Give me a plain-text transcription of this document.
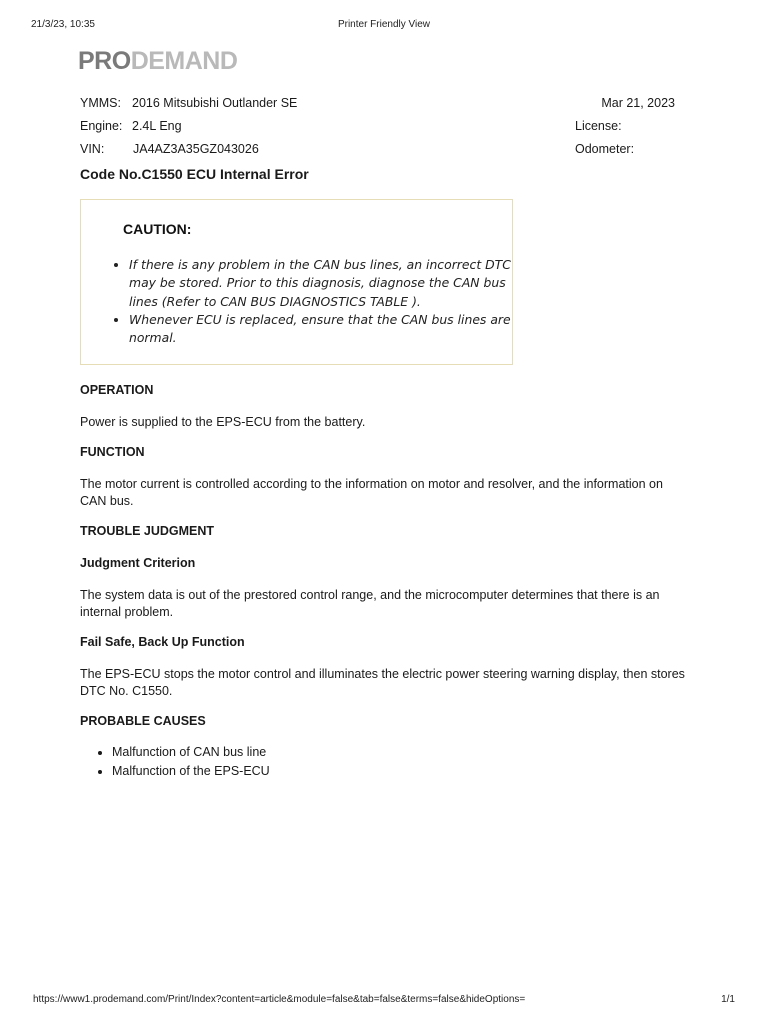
21/3/23, 10:35	Printer Friendly View
PRODEMAND
YMMS: 2016 Mitsubishi Outlander SE
Engine: 2.4L Eng
VIN:	JA4AZ3A35GZ043026
Mar 21, 2023
License:
Odometer:
Code No.C1550 ECU Internal Error
CAUTION:
• If there is any problem in the CAN bus lines, an incorrect DTC may be stored. Prior to this diagnosis, diagnose the CAN bus lines (Refer to CAN BUS DIAGNOSTICS TABLE ).
• Whenever ECU is replaced, ensure that the CAN bus lines are normal.
OPERATION
Power is supplied to the EPS-ECU from the battery.
FUNCTION
The motor current is controlled according to the information on motor and resolver, and the information on CAN bus.
TROUBLE JUDGMENT
Judgment Criterion
The system data is out of the prestored control range, and the microcomputer determines that there is an internal problem.
Fail Safe, Back Up Function
The EPS-ECU stops the motor control and illuminates the electric power steering warning display, then stores DTC No. C1550.
PROBABLE CAUSES
• Malfunction of CAN bus line
• Malfunction of the EPS-ECU
https://www1.prodemand.com/Print/Index?content=article&module=false&tab=false&terms=false&hideOptions=	1/1
